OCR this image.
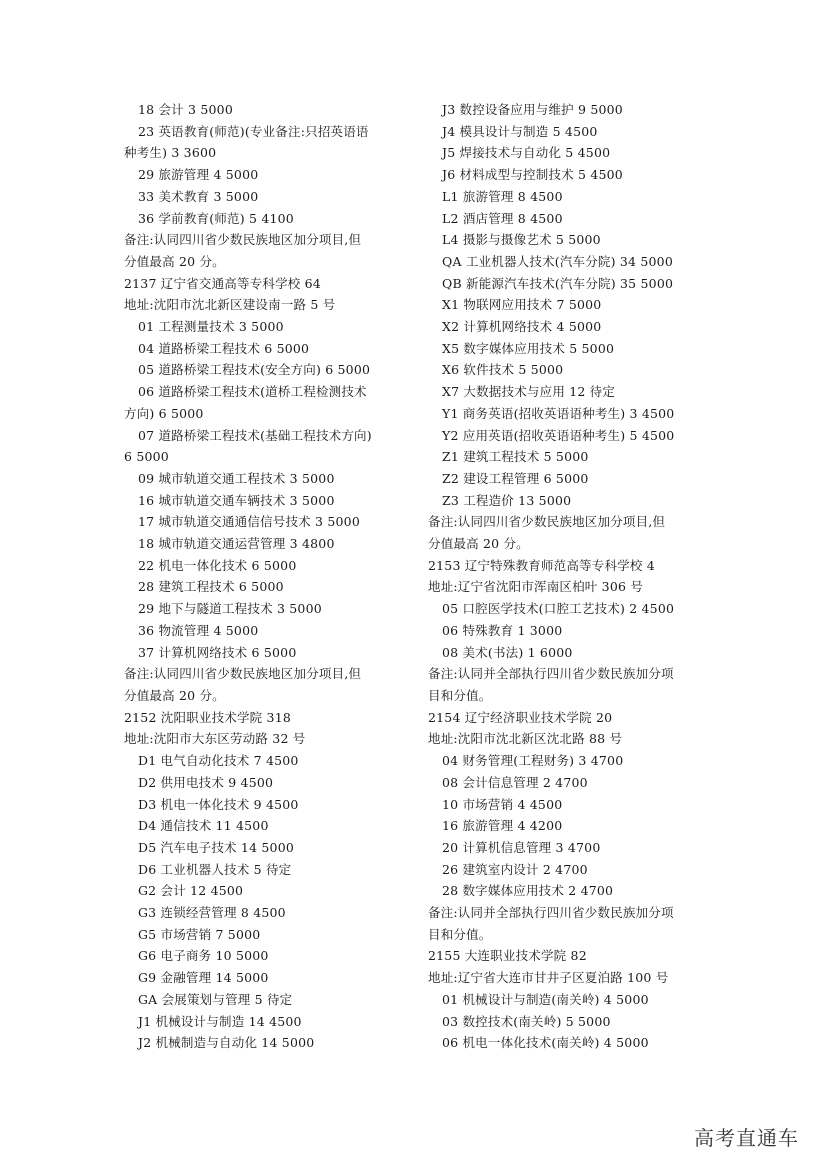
18 会计 3 5000
23 英语教育(师范)(专业备注:只招英语语
种考生) 3 3600
29 旅游管理 4 5000
33 美术教育 3 5000
36 学前教育(师范) 5 4100
备注:认同四川省少数民族地区加分项目,但
分值最高 20 分。
2137 辽宁省交通高等专科学校 64
地址:沈阳市沈北新区建设南一路 5 号
01 工程测量技术 3 5000
04 道路桥梁工程技术 6 5000
05 道路桥梁工程技术(安全方向) 6 5000
06 道路桥梁工程技术(道桥工程检测技术
方向) 6 5000
07 道路桥梁工程技术(基础工程技术方向)
6 5000
09 城市轨道交通工程技术 3 5000
16 城市轨道交通车辆技术 3 5000
17 城市轨道交通通信信号技术 3 5000
18 城市轨道交通运营管理 3 4800
22 机电一体化技术 6 5000
28 建筑工程技术 6 5000
29 地下与隧道工程技术 3 5000
36 物流管理 4 5000
37 计算机网络技术 6 5000
备注:认同四川省少数民族地区加分项目,但
分值最高 20 分。
2152 沈阳职业技术学院 318
地址:沈阳市大东区劳动路 32 号
D1 电气自动化技术 7 4500
D2 供用电技术 9 4500
D3 机电一体化技术 9 4500
D4 通信技术 11 4500
D5 汽车电子技术 14 5000
D6 工业机器人技术 5 待定
G2 会计 12 4500
G3 连锁经营管理 8 4500
G5 市场营销 7 5000
G6 电子商务 10 5000
G9 金融管理 14 5000
GA 会展策划与管理 5 待定
J1 机械设计与制造 14 4500
J2 机械制造与自动化 14 5000
J3 数控设备应用与维护 9 5000
J4 模具设计与制造 5 4500
J5 焊接技术与自动化 5 4500
J6 材料成型与控制技术 5 4500
L1 旅游管理 8 4500
L2 酒店管理 8 4500
L4 摄影与摄像艺术 5 5000
QA 工业机器人技术(汽车分院) 34 5000
QB 新能源汽车技术(汽车分院) 35 5000
X1 物联网应用技术 7 5000
X2 计算机网络技术 4 5000
X5 数字媒体应用技术 5 5000
X6 软件技术 5 5000
X7 大数据技术与应用 12 待定
Y1 商务英语(招收英语语种考生) 3 4500
Y2 应用英语(招收英语语种考生) 5 4500
Z1 建筑工程技术 5 5000
Z2 建设工程管理 6 5000
Z3 工程造价 13 5000
备注:认同四川省少数民族地区加分项目,但
分值最高 20 分。
2153 辽宁特殊教育师范高等专科学校 4
地址:辽宁省沈阳市浑南区柏叶 306 号
05 口腔医学技术(口腔工艺技术) 2 4500
06 特殊教育 1 3000
08 美术(书法) 1 6000
备注:认同并全部执行四川省少数民族加分项
目和分值。
2154 辽宁经济职业技术学院 20
地址:沈阳市沈北新区沈北路 88 号
04 财务管理(工程财务) 3 4700
08 会计信息管理 2 4700
10 市场营销 4 4500
16 旅游管理 4 4200
20 计算机信息管理 3 4700
26 建筑室内设计 2 4700
28 数字媒体应用技术 2 4700
备注:认同并全部执行四川省少数民族加分项
目和分值。
2155 大连职业技术学院 82
地址:辽宁省大连市甘井子区夏泊路 100 号
01 机械设计与制造(南关岭) 4 5000
03 数控技术(南关岭) 5 5000
06 机电一体化技术(南关岭) 4 5000
高考直通车
